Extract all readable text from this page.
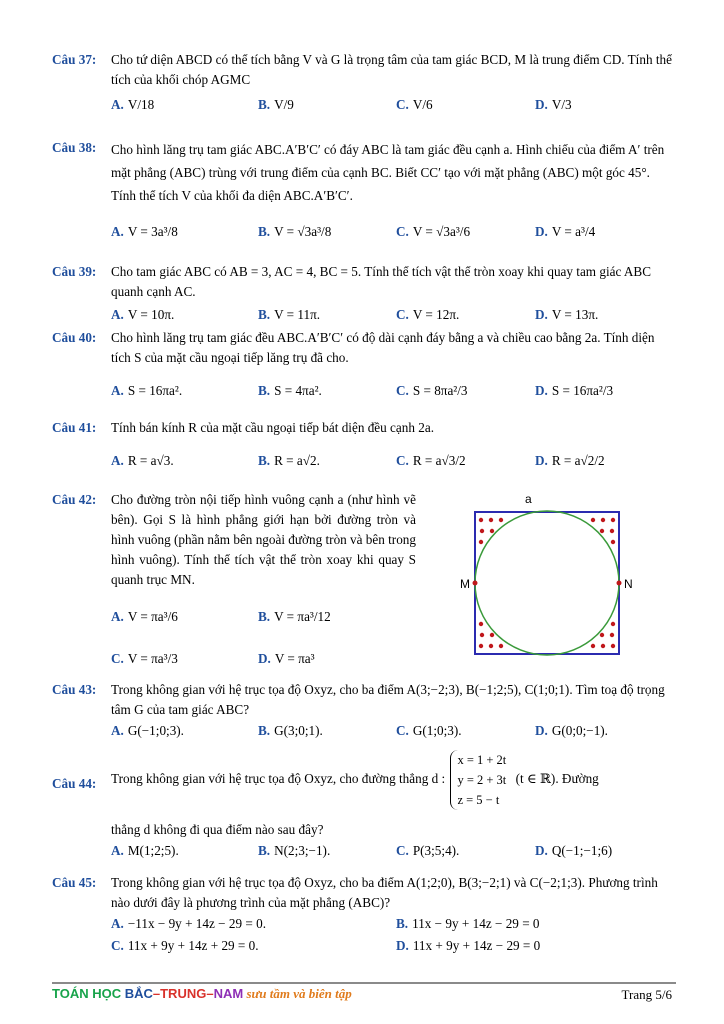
Câu 37: Cho tứ diện ABCD có thể tích bằng V và G là trọng tâm của tam giác BCD, M là trung điểm CD. Tính thể tích của khối chóp AGMC
A. V/18	B. V/9	C. V/6	D. V/3
Câu 38: Cho hình lăng trụ tam giác ABC.A′B′C′ có đáy ABC là tam giác đều cạnh a. Hình chiếu của điểm A′ trên mặt phẳng (ABC) trùng với trung điểm của cạnh BC. Biết CC′ tạo với mặt phẳng (ABC) một góc 45°. Tính thể tích V của khối đa diện ABC.A′B′C′.
A. V = 3a³/8	B. V = √3a³/8	C. V = √3a³/6	D. V = a³/4
Câu 39: Cho tam giác ABC có AB = 3, AC = 4, BC = 5. Tính thể tích vật thể tròn xoay khi quay tam giác ABC quanh cạnh AC.
A. V = 10π.	B. V = 11π.	C. V = 12π.	D. V = 13π.
Câu 40: Cho hình lăng trụ tam giác đều ABC.A′B′C′ có độ dài cạnh đáy bằng a và chiều cao bằng 2a. Tính diện tích S của mặt cầu ngoại tiếp lăng trụ đã cho.
A. S = 16πa².	B. S = 4πa².	C. S = 8πa²/3	D. S = 16πa²/3
Câu 41: Tính bán kính R của mặt cầu ngoại tiếp bát diện đều cạnh 2a.
A. R = a√3.	B. R = a√2.	C. R = a√3/2	D. R = a√2/2
Câu 42: Cho đường tròn nội tiếp hình vuông cạnh a (như hình vẽ bên). Gọi S là hình phẳng giới hạn bởi đường tròn và hình vuông (phần nằm bên ngoài đường tròn và bên trong hình vuông). Tính thể tích vật thể tròn xoay khi quay S quanh trục MN.
A. V = πa³/6	B. V = πa³/12
C. V = πa³/3	D. V = πa³
a
M	N
Câu 43: Trong không gian với hệ trục tọa độ Oxyz, cho ba điểm A(3;−2;3), B(−1;2;5), C(1;0;1). Tìm toạ độ trọng tâm G của tam giác ABC?
A. G(−1;0;3).	B. G(3;0;1).	C. G(1;0;3).	D. G(0;0;−1).
Câu 44: Trong không gian với hệ trục tọa độ Oxyz, cho đường thẳng d :
x = 1 + 2t
y = 2 + 3t
z = 5 − t
(t ∈ ℝ). Đường
thẳng d không đi qua điểm nào sau đây?
A. M(1;2;5).	B. N(2;3;−1).	C. P(3;5;4).	D. Q(−1;−1;6)
Câu 45: Trong không gian với hệ trục tọa độ Oxyz, cho ba điểm A(1;2;0), B(3;−2;1) và C(−2;1;3). Phương trình nào dưới đây là phương trình của mặt phẳng (ABC)?
A. −11x − 9y + 14z − 29 = 0.	B. 11x − 9y + 14z − 29 = 0
C. 11x + 9y + 14z + 29 = 0.	D. 11x + 9y + 14z − 29 = 0
TOÁN HỌC BẮC–TRUNG–NAM sưu tầm và biên tập	Trang 5/6
